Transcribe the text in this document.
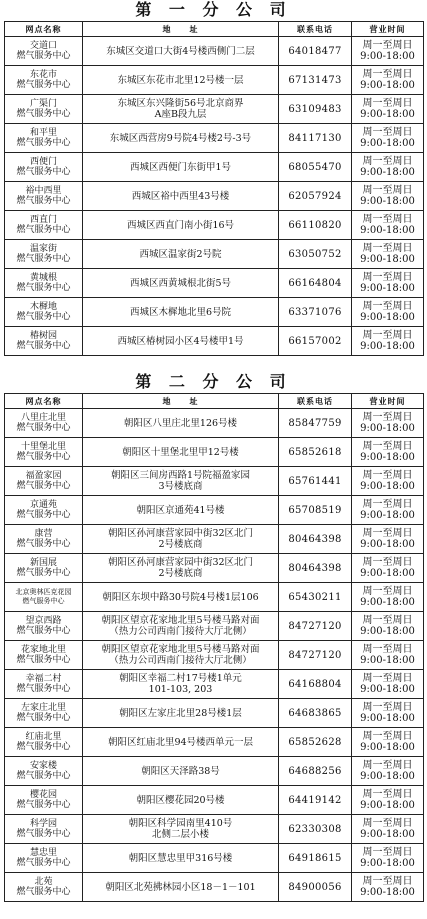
第 一 分 公 司
网点名称	地　　址	联系电话	营业时间

交道口
燃气服务中心	东城区交道口大街4号楼西侧门二层	64018477	周一至周日
9:00-18:00

东花市
燃气服务中心	东城区东花市北里12号楼一层	67131473	周一至周日
9:00-18:00

广渠门
燃气服务中心	东城区东兴隆街56号北京商界
A座B段九层	63109483	周一至周日
9:00-18:00

和平里
燃气服务中心	东城区西营房9号院4号楼2号-3号	84117130	周一至周日
9:00-18:00

西便门
燃气服务中心	西城区西便门东街甲1号	68055470	周一至周日
9:00-18:00

裕中西里
燃气服务中心	西城区裕中西里43号楼	62057924	周一至周日
9:00-18:00

西直门
燃气服务中心	西城区西直门南小街16号	66110820	周一至周日
9:00-18:00

温家街
燃气服务中心	西城区温家街2号院	63050752	周一至周日
9:00-18:00

黄城根
燃气服务中心	西城区西黄城根北街5号	66164804	周一至周日
9:00-18:00

木樨地
燃气服务中心	西城区木樨地北里6号院	63371076	周一至周日
9:00-18:00

椿树园
燃气服务中心	西城区椿树园小区4号楼甲1号	66157002	周一至周日
9:00-18:00
第 二 分 公 司
网点名称	地　　址	联系电话	营业时间

八里庄北里
燃气服务中心	朝阳区八里庄北里126号楼	85847759	周一至周日
9:00-18:00

十里堡北里
燃气服务中心	朝阳区十里堡北里甲12号楼	65852618	周一至周日
9:00-18:00

福盈家园
燃气服务中心	朝阳区三间房西路1号院福盈家园
3号楼底商	65761441	周一至周日
9:00-18:00

京通苑
燃气服务中心	朝阳区京通苑41号楼	65708519	周一至周日
9:00-18:00

康营
燃气服务中心	朝阳区孙河康营家园中街32区北门
2号楼底商	80464398	周一至周日
9:00-18:00

新国展
燃气服务中心	朝阳区孙河康营家园中街32区北门
2号楼底商	80464398	周一至周日
9:00-18:00

北京奥林匹克花园
燃气服务中心	朝阳区东坝中路30号院4号楼1层106	65430211	周一至周日
9:00-18:00

望京西路
燃气服务中心	朝阳区望京花家地北里5号楼马路对面
（热力公司西南门接待大厅北侧）	84727120	周一至周日
9:00-18:00

花家地北里
燃气服务中心	朝阳区望京花家地北里5号楼马路对面
（热力公司西南门接待大厅北侧）	84727120	周一至周日
9:00-18:00

幸福二村
燃气服务中心	朝阳区幸福二村17号楼1单元
101-103, 203	64168804	周一至周日
9:00-18:00

左家庄北里
燃气服务中心	朝阳区左家庄北里28号楼1层	64683865	周一至周日
9:00-18:00

红庙北里
燃气服务中心	朝阳区红庙北里94号楼西单元一层	65852628	周一至周日
9:00-18:00

安家楼
燃气服务中心	朝阳区天泽路38号	64688256	周一至周日
9:00-18:00

樱花园
燃气服务中心	朝阳区樱花园20号楼	64419142	周一至周日
9:00-18:00

科学园
燃气服务中心	朝阳区科学园南里410号
北侧二层小楼	62330308	周一至周日
9:00-18:00

慧忠里
燃气服务中心	朝阳区慧忠里甲316号楼	64918615	周一至周日
9:00-18:00

北苑
燃气服务中心	朝阳区北苑拂林园小区18－1－101	84900056	周一至周日
9:00-18:00
